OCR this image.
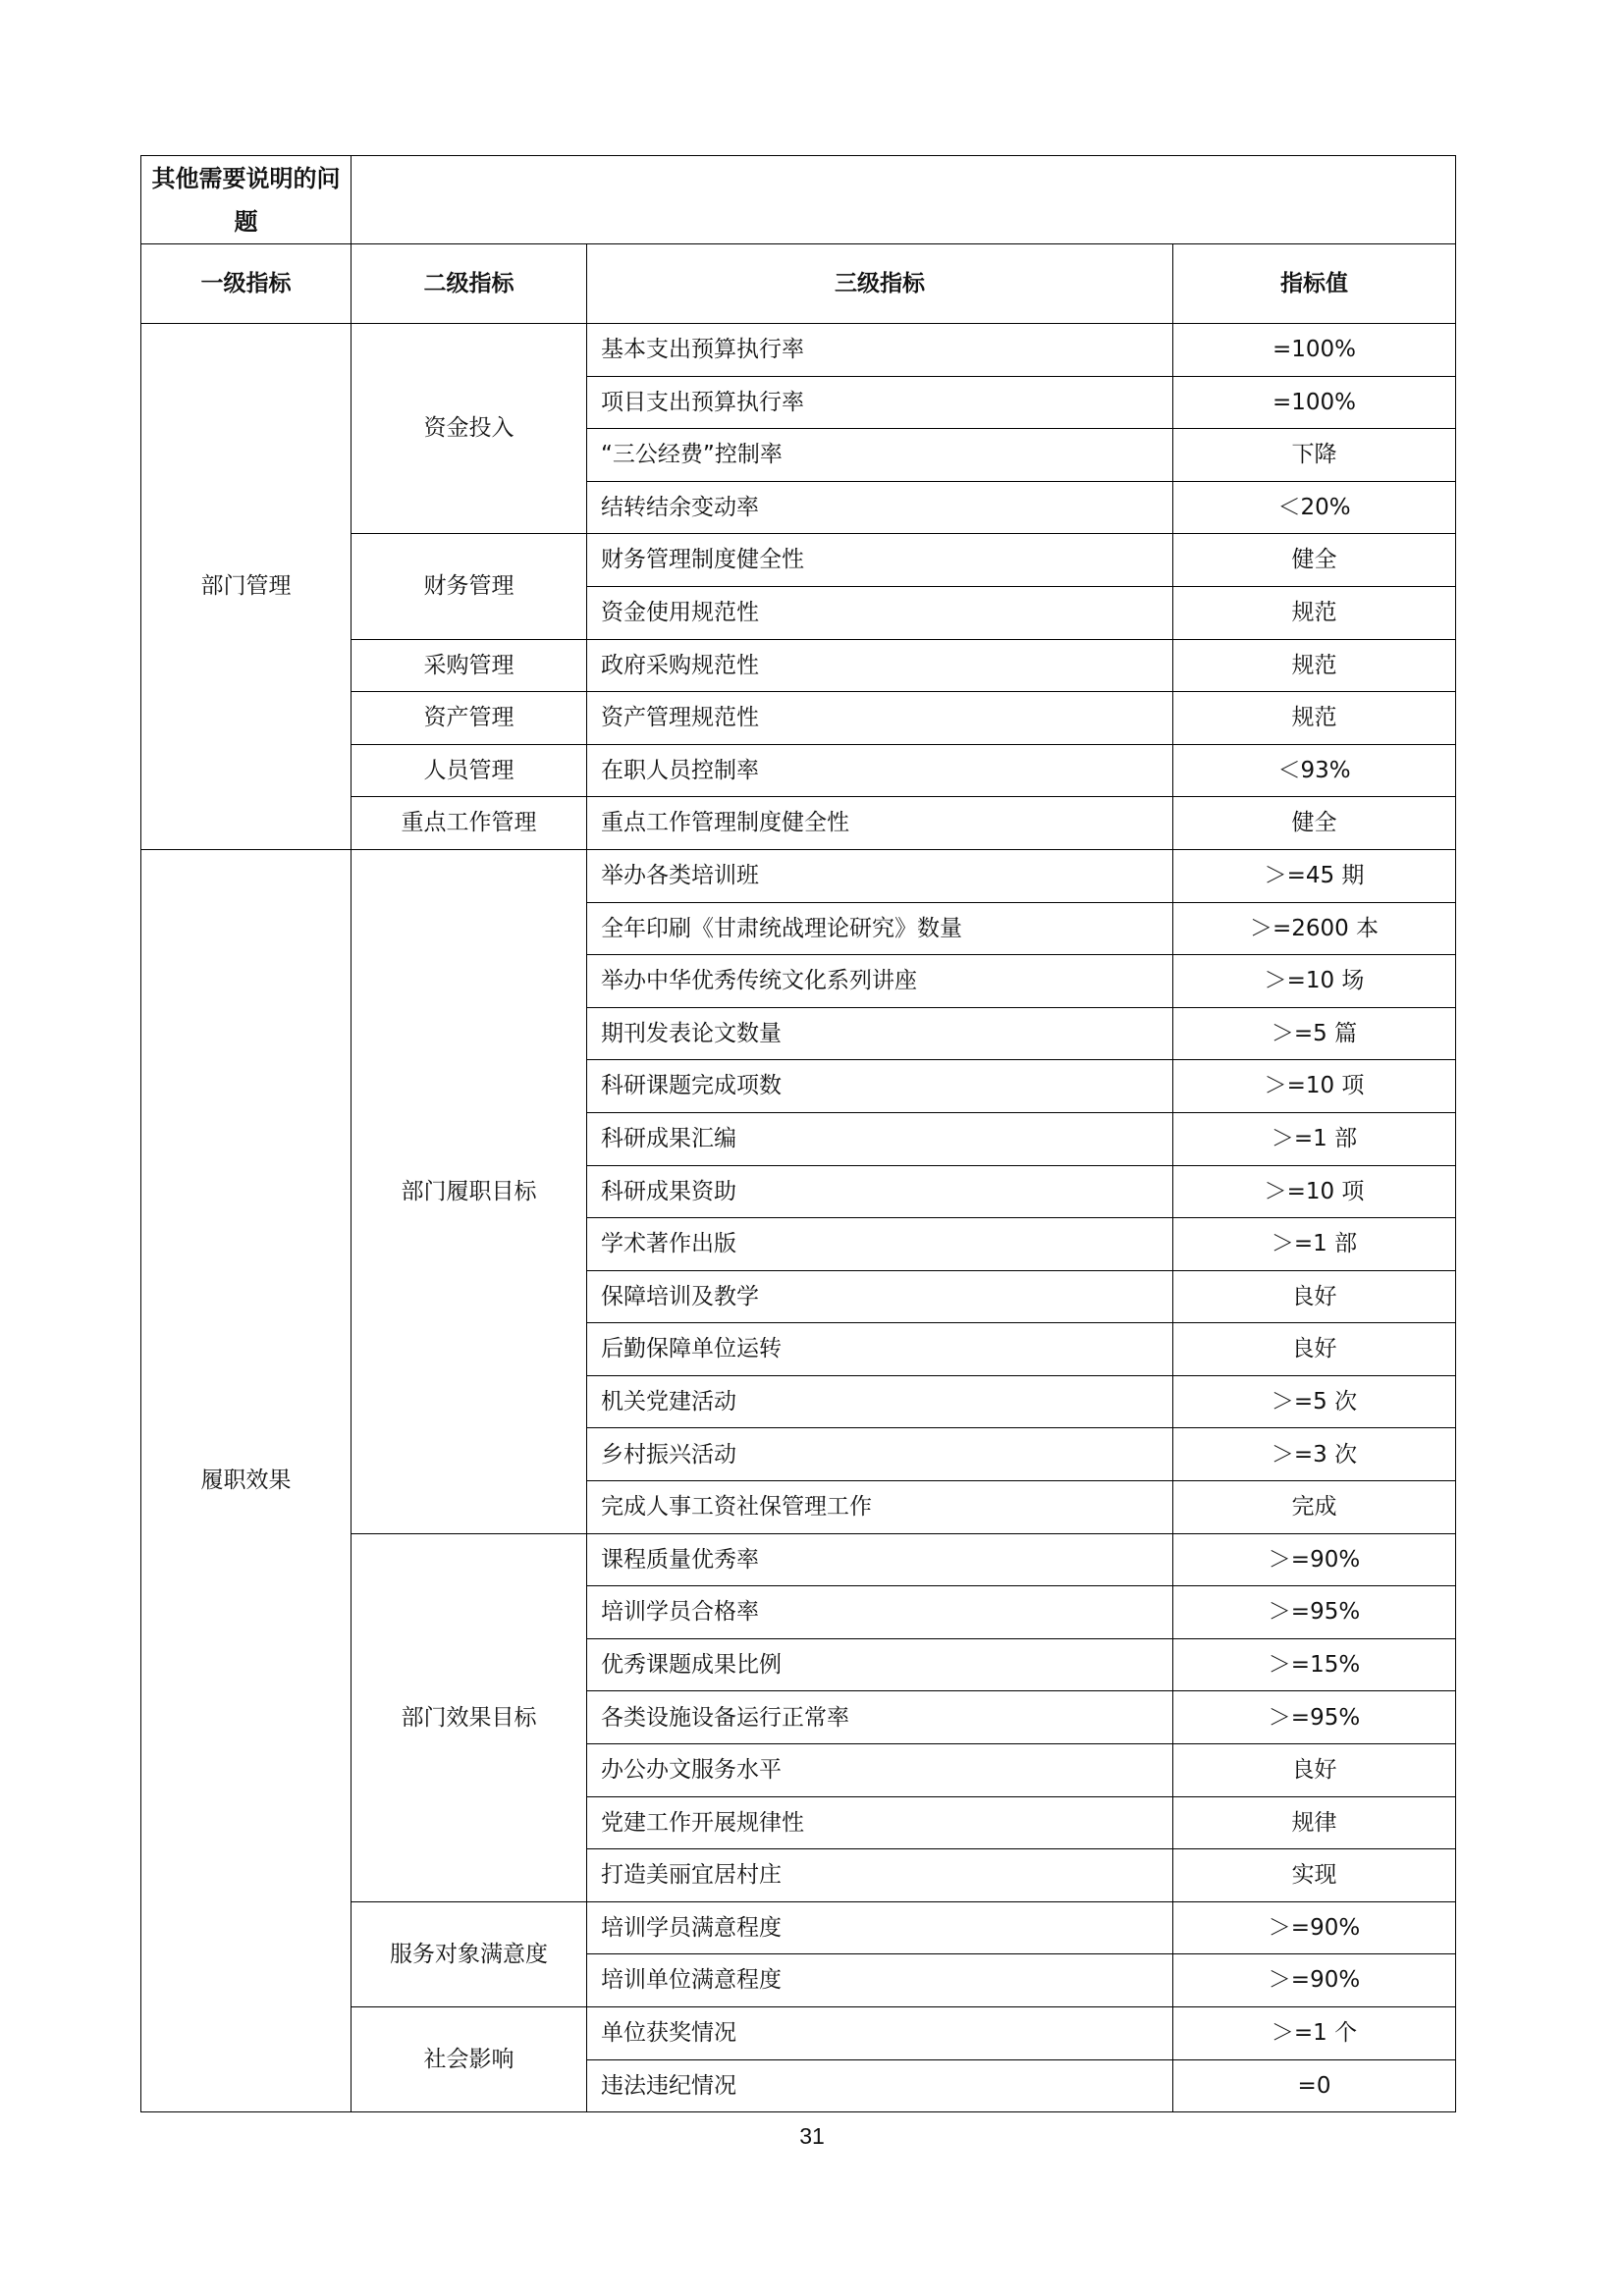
其他需要说明的问题			
一级指标	二级指标	三级指标	指标值
部门管理	资金投入	基本支出预算执行率	=100%
		项目支出预算执行率	=100%
		“三公经费”控制率	下降
		结转结余变动率	＜20%
	财务管理	财务管理制度健全性	健全
		资金使用规范性	规范
	采购管理	政府采购规范性	规范
	资产管理	资产管理规范性	规范
	人员管理	在职人员控制率	＜93%
	重点工作管理	重点工作管理制度健全性	健全
履职效果	部门履职目标	举办各类培训班	＞=45 期
		全年印刷《甘肃统战理论研究》数量	＞=2600 本
		举办中华优秀传统文化系列讲座	＞=10 场
		期刊发表论文数量	＞=5 篇
		科研课题完成项数	＞=10 项
		科研成果汇编	＞=1 部
		科研成果资助	＞=10 项
		学术著作出版	＞=1 部
		保障培训及教学	良好
		后勤保障单位运转	良好
		机关党建活动	＞=5 次
		乡村振兴活动	＞=3 次
		完成人事工资社保管理工作	完成
	部门效果目标	课程质量优秀率	＞=90%
		培训学员合格率	＞=95%
		优秀课题成果比例	＞=15%
		各类设施设备运行正常率	＞=95%
		办公办文服务水平	良好
		党建工作开展规律性	规律
		打造美丽宜居村庄	实现
	服务对象满意度	培训学员满意程度	＞=90%
		培训单位满意程度	＞=90%
	社会影响	单位获奖情况	＞=1 个
		违法违纪情况	=0
31
